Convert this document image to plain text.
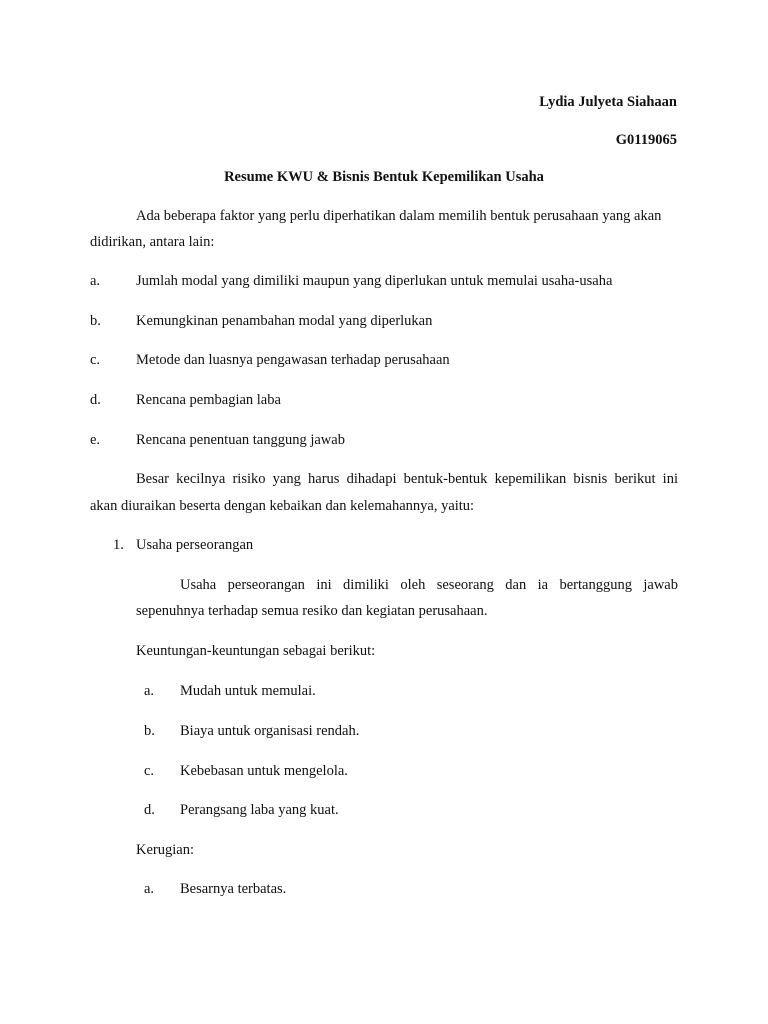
Lydia Julyeta Siahaan
G0119065
Resume KWU & Bisnis Bentuk Kepemilikan Usaha
Ada beberapa faktor yang perlu diperhatikan dalam memilih bentuk perusahaan yang akan
didirikan, antara lain:
a. Jumlah modal yang dimiliki maupun yang diperlukan untuk memulai usaha-usaha
b. Kemungkinan penambahan modal yang diperlukan
c. Metode dan luasnya pengawasan terhadap perusahaan
d. Rencana pembagian laba
e. Rencana penentuan tanggung jawab
Besar kecilnya risiko yang harus dihadapi bentuk-bentuk kepemilikan bisnis berikut ini
akan diuraikan beserta dengan kebaikan dan kelemahannya, yaitu:
1. Usaha perseorangan
Usaha perseorangan ini dimiliki oleh seseorang dan ia bertanggung jawab
sepenuhnya terhadap semua resiko dan kegiatan perusahaan.
Keuntungan-keuntungan sebagai berikut:
a. Mudah untuk memulai.
b. Biaya untuk organisasi rendah.
c. Kebebasan untuk mengelola.
d. Perangsang laba yang kuat.
Kerugian:
a. Besarnya terbatas.
